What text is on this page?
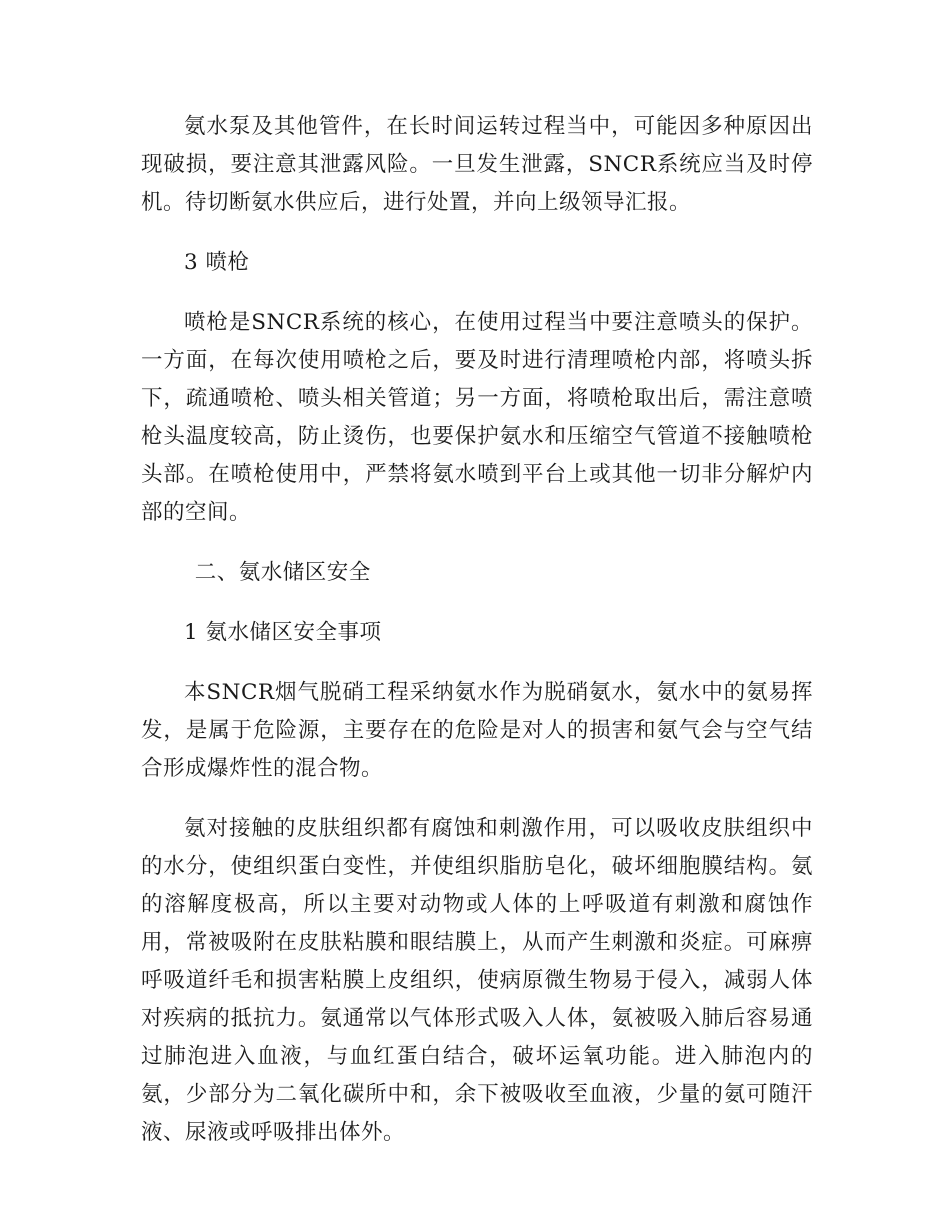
氨水泵及其他管件，在长时间运转过程当中，可能因多种原因出现破损，要注意其泄露风险。一旦发生泄露，SNCR系统应当及时停机。待切断氨水供应后，进行处置，并向上级领导汇报。

3 喷枪

喷枪是SNCR系统的核心，在使用过程当中要注意喷头的保护。一方面，在每次使用喷枪之后，要及时进行清理喷枪内部，将喷头拆下，疏通喷枪、喷头相关管道；另一方面，将喷枪取出后，需注意喷枪头温度较高，防止烫伤，也要保护氨水和压缩空气管道不接触喷枪头部。在喷枪使用中，严禁将氨水喷到平台上或其他一切非分解炉内部的空间。

二、氨水储区安全

1 氨水储区安全事项

本SNCR烟气脱硝工程采纳氨水作为脱硝氨水，氨水中的氨易挥发，是属于危险源，主要存在的危险是对人的损害和氨气会与空气结合形成爆炸性的混合物。

氨对接触的皮肤组织都有腐蚀和刺激作用，可以吸收皮肤组织中的水分，使组织蛋白变性，并使组织脂肪皂化，破坏细胞膜结构。氨的溶解度极高，所以主要对动物或人体的上呼吸道有刺激和腐蚀作用，常被吸附在皮肤粘膜和眼结膜上，从而产生刺激和炎症。可麻痹呼吸道纤毛和损害粘膜上皮组织，使病原微生物易于侵入，减弱人体对疾病的抵抗力。氨通常以气体形式吸入人体，氨被吸入肺后容易通过肺泡进入血液，与血红蛋白结合，破坏运氧功能。进入肺泡内的氨，少部分为二氧化碳所中和，余下被吸收至血液，少量的氨可随汗液、尿液或呼吸排出体外。
